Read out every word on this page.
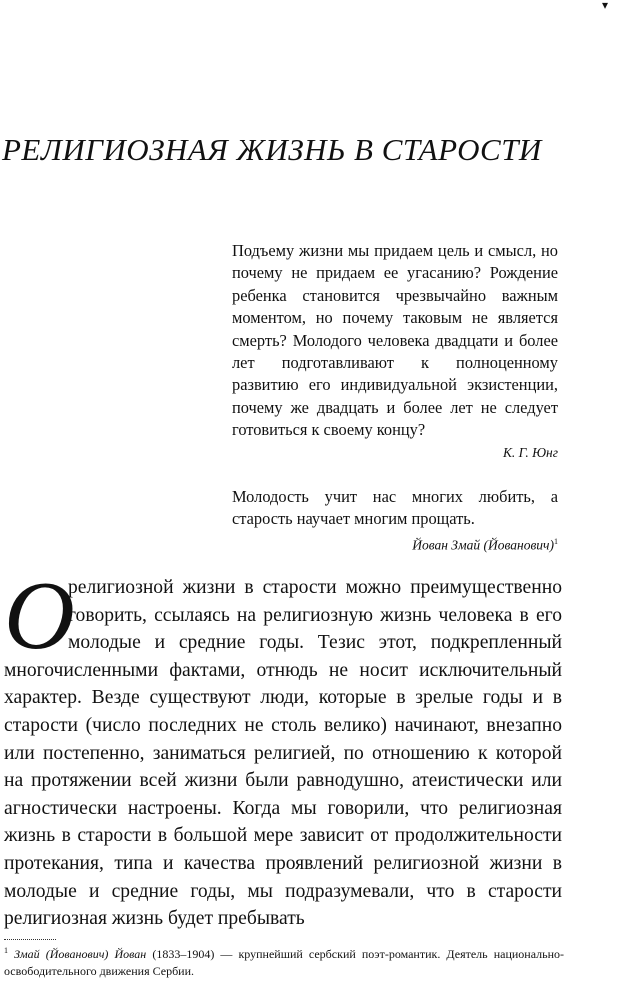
▾
РЕЛИГИОЗНАЯ ЖИЗНЬ В СТАРОСТИ

Подъему жизни мы придаем цель и смысл, но почему не придаем ее угасанию? Рождение ребенка становится чрезвычайно важным моментом, но почему таковым не является смерть? Молодого человека двадцати и более лет подготавливают к полноценному развитию его индивидуальной экзистенции, почему же двадцать и более лет не следует готовиться к своему концу?

К. Г. Юнг

Молодость учит нас многих любить, а старость научает многим прощать.

Йован Змай (Йованович)$^1$

О
религиозной жизни в старости можно преимущественно говорить, ссылаясь на религиозную жизнь человека в его молодые и средние годы. Тезис этот, подкрепленный многочисленными фактами, отнюдь не носит исключительный характер. Везде существуют люди, которые в зрелые годы и в старости (число последних не столь велико) начинают, внезапно или постепенно, заниматься религией, по отношению к которой на протяжении всей жизни были равнодушно, атеистически или агностически настроены. Когда мы говорили, что религиозная жизнь в старости в большой мере зависит от продолжительности протекания, типа и качества проявлений религиозной жизни в молодые и средние годы, мы подразумевали, что в старости религиозная жизнь будет пребывать

$^1$ Змай (Йованович) Йован (1833–1904) — крупнейший сербский поэт-романтик. Деятель национально-освободительного движения Сербии.
